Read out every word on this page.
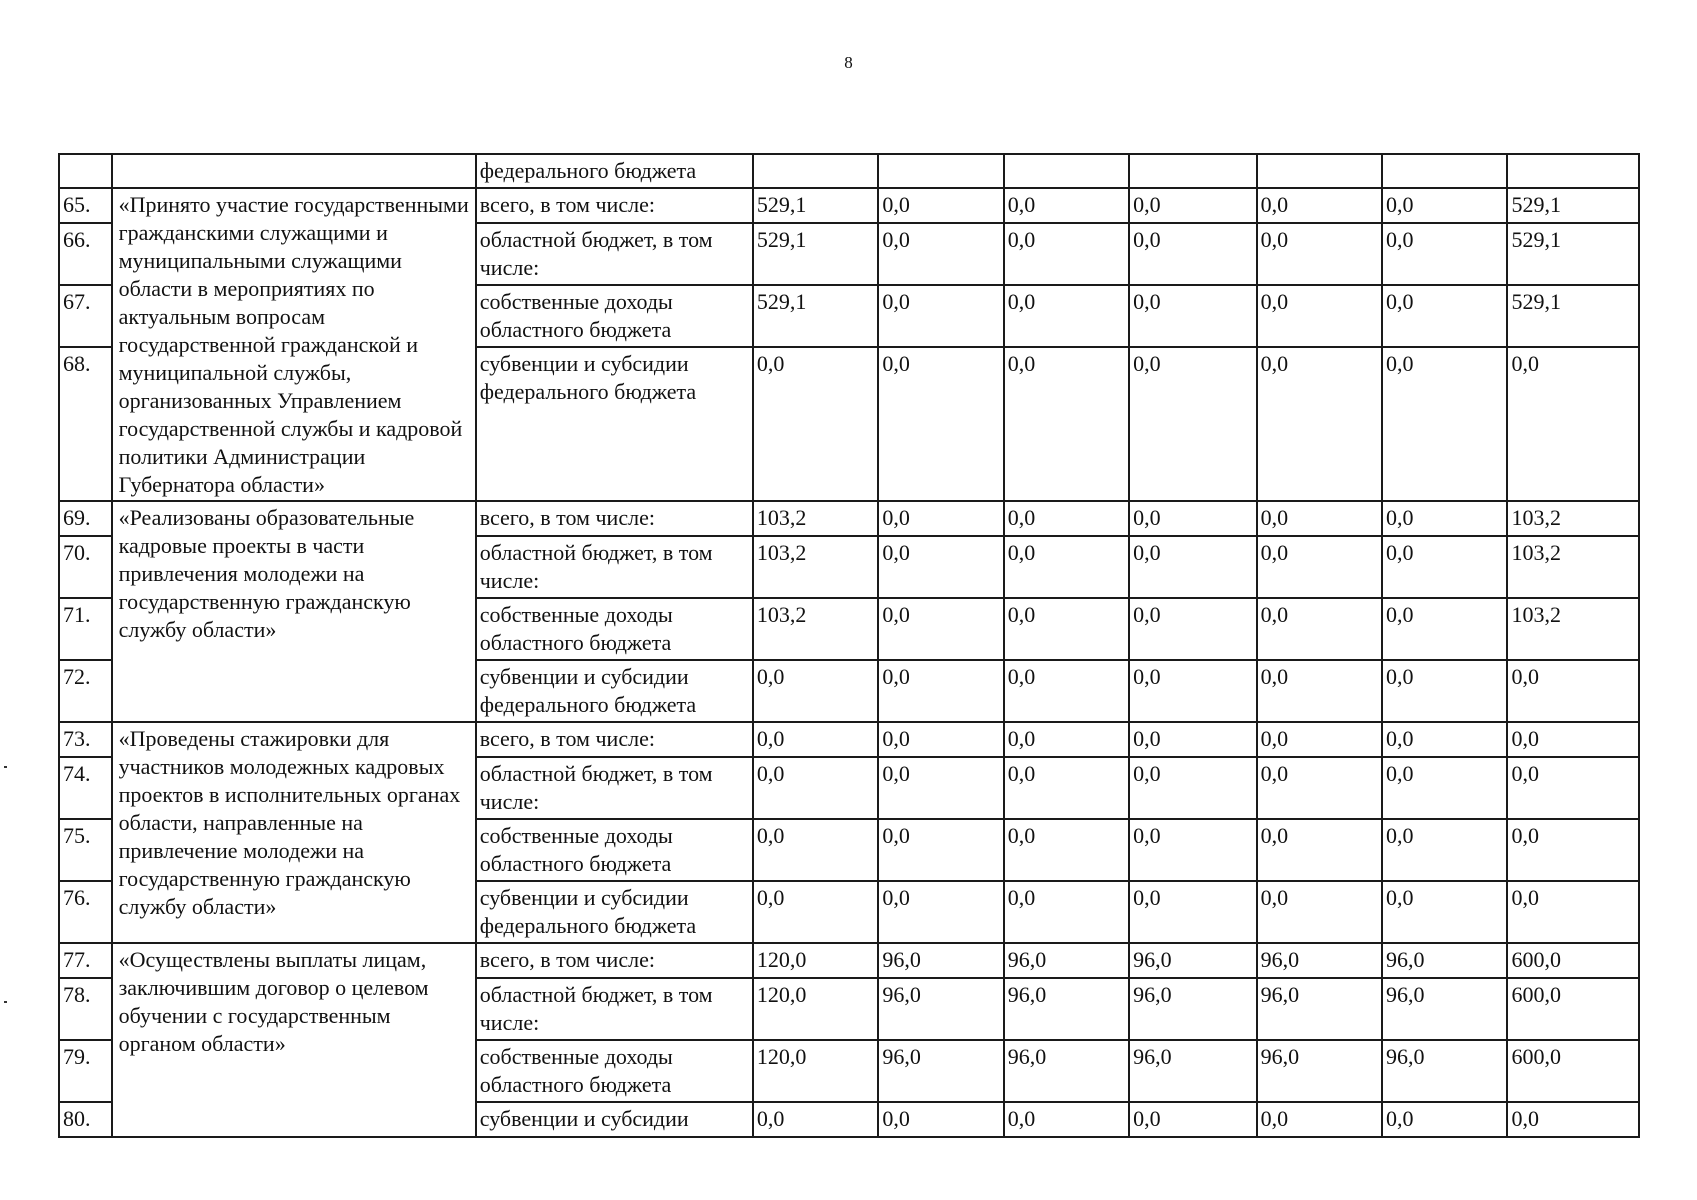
8
		федерального бюджета							
65.	«Принято участие государственными гражданскими служащими и муниципальными служащими области в мероприятиях по актуальным вопросам государственной гражданской и муниципальной службы, организованных Управлением государственной службы и кадровой политики Администрации Губернатора области»	всего, в том числе:	529,1	0,0	0,0	0,0	0,0	0,0	529,1
66.		областной бюджет, в том числе:	529,1	0,0	0,0	0,0	0,0	0,0	529,1
67.		собственные доходы областного бюджета	529,1	0,0	0,0	0,0	0,0	0,0	529,1
68.		субвенции и субсидии федерального бюджета	0,0	0,0	0,0	0,0	0,0	0,0	0,0
69.	«Реализованы образовательные кадровые проекты в части привлечения молодежи на государственную гражданскую службу области»	всего, в том числе:	103,2	0,0	0,0	0,0	0,0	0,0	103,2
70.		областной бюджет, в том числе:	103,2	0,0	0,0	0,0	0,0	0,0	103,2
71.		собственные доходы областного бюджета	103,2	0,0	0,0	0,0	0,0	0,0	103,2
72.		субвенции и субсидии федерального бюджета	0,0	0,0	0,0	0,0	0,0	0,0	0,0
73.	«Проведены стажировки для участников молодежных кадровых проектов в исполнительных органах области, направленные на привлечение молодежи на государственную гражданскую службу области»	всего, в том числе:	0,0	0,0	0,0	0,0	0,0	0,0	0,0
74.		областной бюджет, в том числе:	0,0	0,0	0,0	0,0	0,0	0,0	0,0
75.		собственные доходы областного бюджета	0,0	0,0	0,0	0,0	0,0	0,0	0,0
76.		субвенции и субсидии федерального бюджета	0,0	0,0	0,0	0,0	0,0	0,0	0,0
77.	«Осуществлены выплаты лицам, заключившим договор о целевом обучении с государственным органом области»	всего, в том числе:	120,0	96,0	96,0	96,0	96,0	96,0	600,0
78.		областной бюджет, в том числе:	120,0	96,0	96,0	96,0	96,0	96,0	600,0
79.		собственные доходы областного бюджета	120,0	96,0	96,0	96,0	96,0	96,0	600,0
80.		субвенции и субсидии	0,0	0,0	0,0	0,0	0,0	0,0	0,0
